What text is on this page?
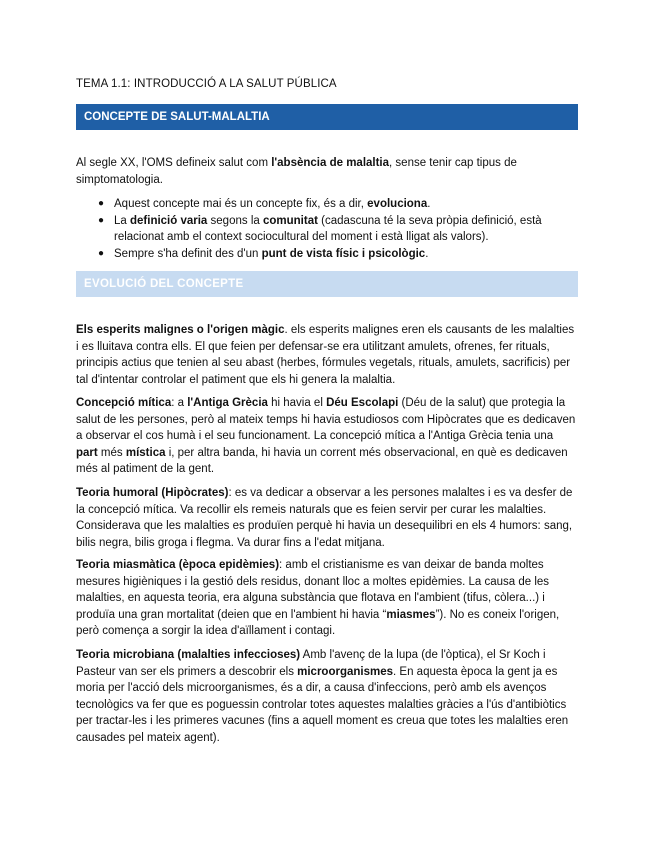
TEMA 1.1: INTRODUCCIÓ A LA SALUT PÚBLICA
CONCEPTE DE SALUT-MALALTIA

Al segle XX, l'OMS defineix salut com l'absència de malaltia, sense tenir cap tipus de simptomatologia.

● Aquest concepte mai és un concepte fix, és a dir, evoluciona.
● La definició varia segons la comunitat (cadascuna té la seva pròpia definició, està relacionat amb el context sociocultural del moment i està lligat als valors).
● Sempre s'ha definit des d'un punt de vista físic i psicològic.
EVOLUCIÓ DEL CONCEPTE

Els esperits malignes o l'origen màgic. els esperits malignes eren els causants de les malalties i es lluitava contra ells. El que feien per defensar-se era utilitzant amulets, ofrenes, fer rituals, principis actius que tenien al seu abast (herbes, fórmules vegetals, rituals, amulets, sacrificis) per tal d'intentar controlar el patiment que els hi genera la malaltia.

Concepció mítica: a l'Antiga Grècia hi havia el Déu Escolapi (Déu de la salut) que protegia la salut de les persones, però al mateix temps hi havia estudiosos com Hipòcrates que es dedicaven a observar el cos humà i el seu funcionament. La concepció mítica a l'Antiga Grècia tenia una part més mística i, per altra banda, hi havia un corrent més observacional, en què es dedicaven més al patiment de la gent.

Teoria humoral (Hipòcrates): es va dedicar a observar a les persones malaltes i es va desfer de la concepció mítica. Va recollir els remeis naturals que es feien servir per curar les malalties. Considerava que les malalties es produïen perquè hi havia un desequilibri en els 4 humors: sang, bilis negra, bilis groga i flegma. Va durar fins a l'edat mitjana.

Teoria miasmàtica (època epidèmies): amb el cristianisme es van deixar de banda moltes mesures higièniques i la gestió dels residus, donant lloc a moltes epidèmies. La causa de les malalties, en aquesta teoria, era alguna substància que flotava en l'ambient (tifus, còlera...) i produïa una gran mortalitat (deien que en l'ambient hi havia “miasmes”). No es coneix l'origen, però comença a sorgir la idea d'aïllament i contagi.

Teoria microbiana (malalties infeccioses) Amb l'avenç de la lupa (de l'òptica), el Sr Koch i Pasteur van ser els primers a descobrir els microorganismes. En aquesta època la gent ja es moria per l'acció dels microorganismes, és a dir, a causa d'infeccions, però amb els avenços tecnològics va fer que es poguessin controlar totes aquestes malalties gràcies a l'ús d'antibiòtics per tractar-les i les primeres vacunes (fins a aquell moment es creua que totes les malalties eren causades pel mateix agent).
